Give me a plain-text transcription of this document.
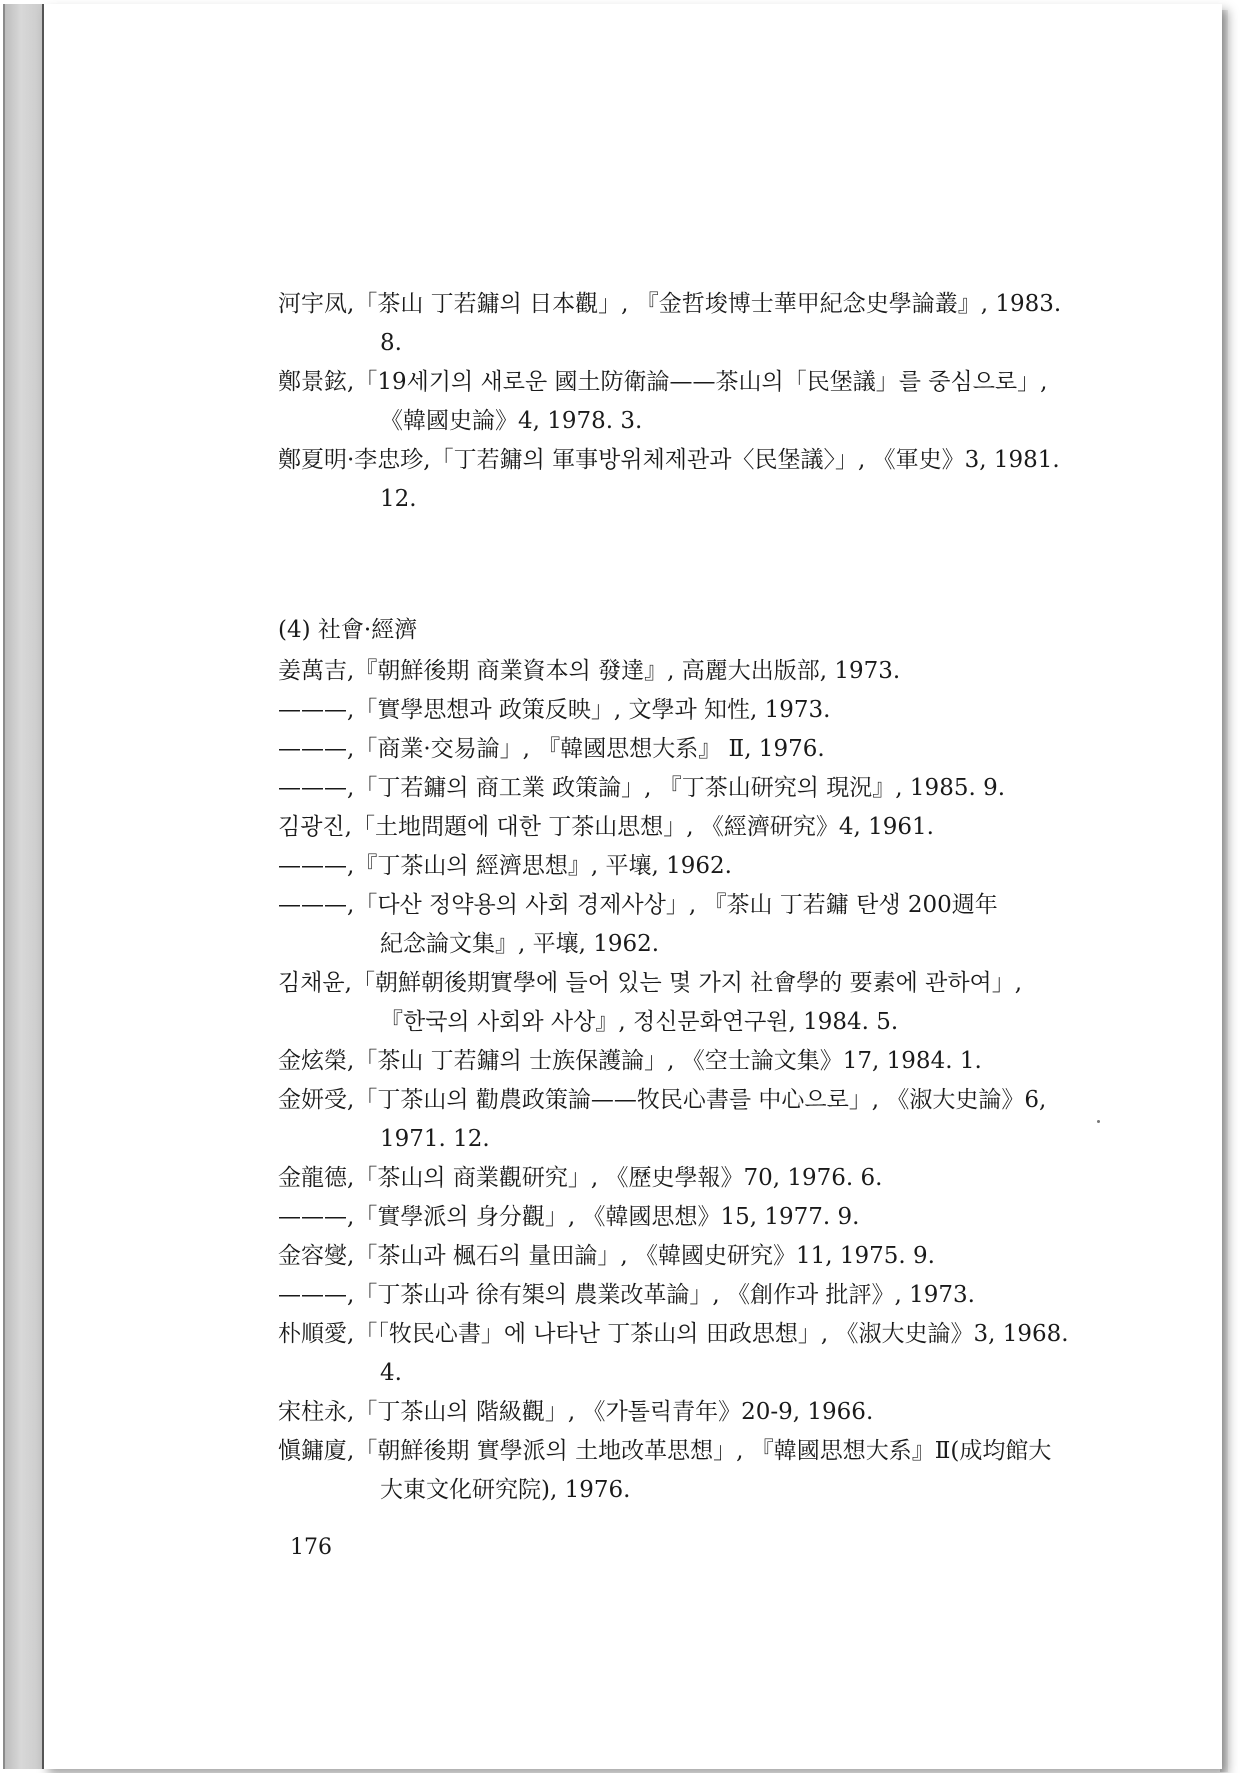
河宇凤,「茶山 丁若鏞의 日本觀」, 『金哲埈博士華甲紀念史學論叢』, 1983. 8.

鄭景鉉,「19세기의 새로운 國土防衛論——茶山의「民堡議」를 중심으로」, 《韓國史論》4, 1978. 3.

鄭夏明·李忠珍,「丁若鏞의 軍事방위체제관과〈民堡議〉」, 《軍史》3, 1981. 12.

(4) 社會·經濟

姜萬吉,『朝鮮後期 商業資本의 發達』, 高麗大出版部, 1973.

———,「實學思想과 政策反映」, 文學과 知性, 1973.

———,「商業·交易論」, 『韓國思想大系』 Ⅱ, 1976.

———,「丁若鏞의 商工業 政策論」, 『丁茶山研究의 現況』, 1985. 9.

김광진,「土地問題에 대한 丁茶山思想」, 《經濟研究》4, 1961.

———,『丁茶山의 經濟思想』, 平壤, 1962.

———,「다산 정약용의 사회 경제사상」, 『茶山 丁若鏞 탄생 200週年 紀念論文集』, 平壤, 1962.

김채윤,「朝鮮朝後期實學에 들어 있는 몇 가지 社會學的 要素에 관하여」, 『한국의 사회와 사상』, 정신문화연구원, 1984. 5.

金炫榮,「茶山 丁若鏞의 士族保護論」, 《空士論文集》17, 1984. 1.

金妍受,「丁茶山의 勸農政策論——牧民心書를 中心으로」, 《淑大史論》6, 1971. 12.

金龍德,「茶山의 商業觀研究」, 《歷史學報》70, 1976. 6.

———,「實學派의 身分觀」, 《韓國思想》15, 1977. 9.

金容燮,「茶山과 楓石의 量田論」, 《韓國史研究》11, 1975. 9.

———,「丁茶山과 徐有榘의 農業改革論」, 《創作과 批評》, 1973.

朴順愛,「「牧民心書」에 나타난 丁茶山의 田政思想」, 《淑大史論》3, 1968. 4.

宋柱永,「丁茶山의 階級觀」, 《가톨릭青年》20-9, 1966.

愼鏞廈,「朝鮮後期 實學派의 土地改革思想」, 『韓國思想大系』Ⅱ(成均館大 大東文化研究院), 1976.

176
